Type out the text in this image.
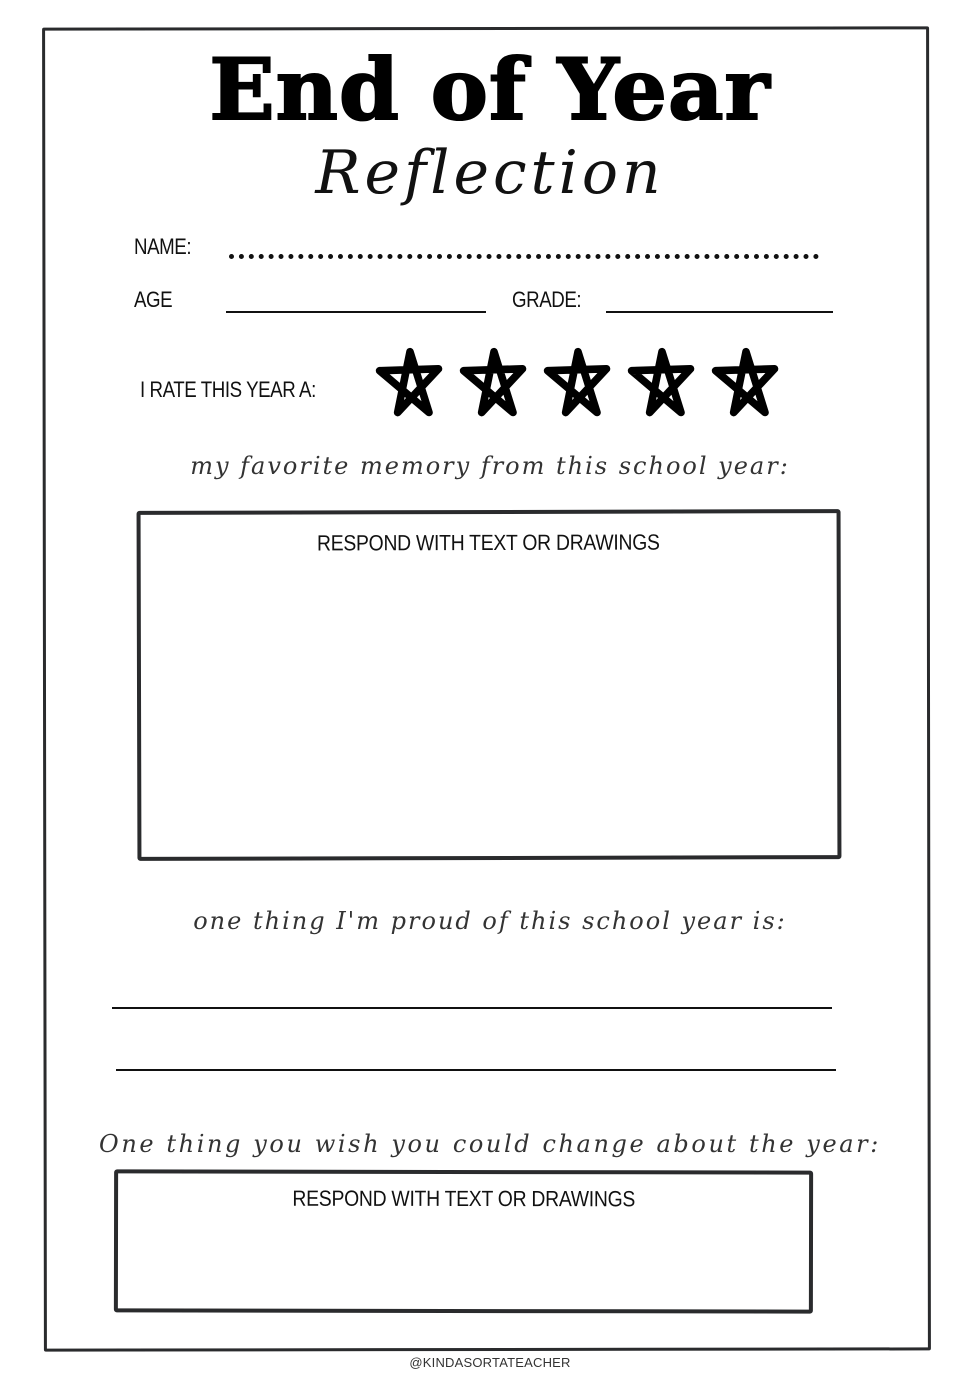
End of Year
Reflection
NAME:
AGE	GRADE:
I RATE THIS YEAR A:
my favorite memory from this school year:
RESPOND WITH TEXT OR DRAWINGS
one thing I'm proud of this school year is:
One thing you wish you could change about the year:
RESPOND WITH TEXT OR DRAWINGS
@KINDASORTATEACHER
